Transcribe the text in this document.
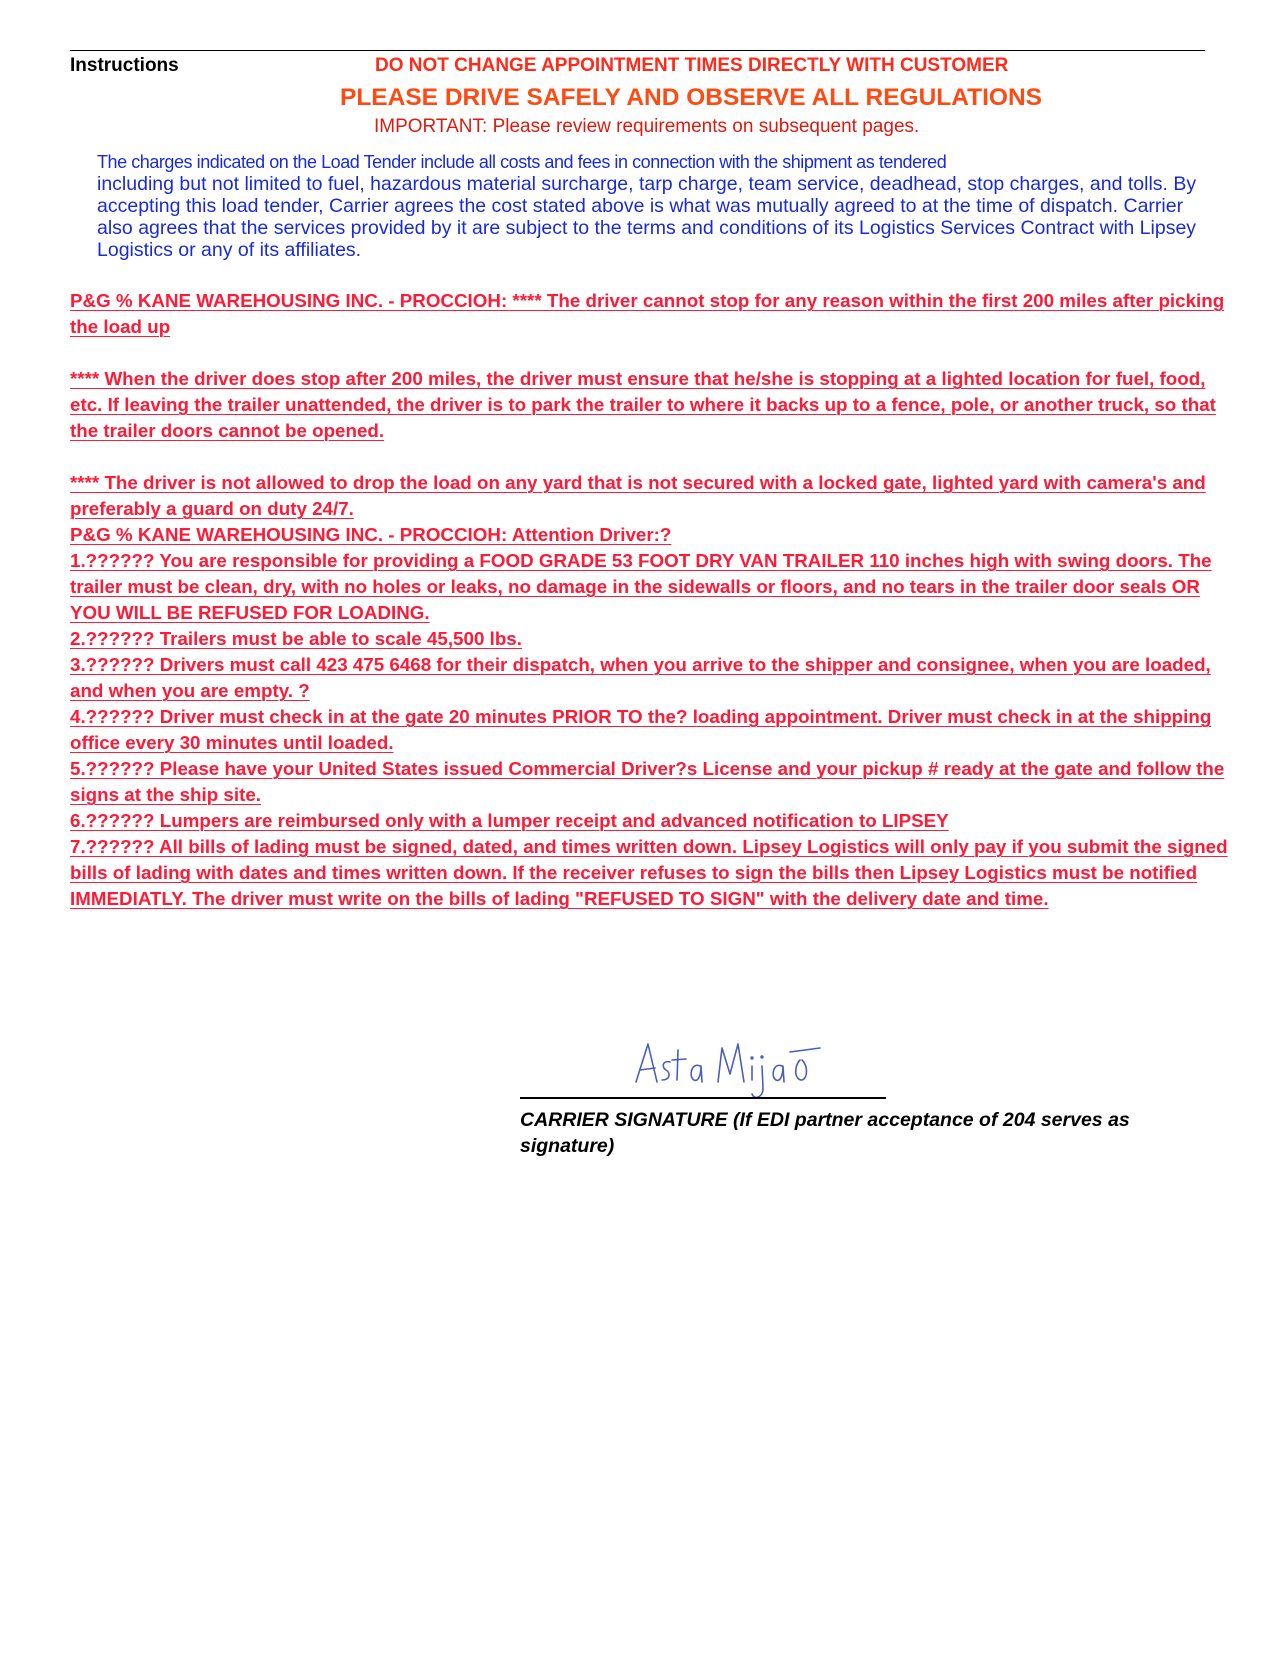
Instructions	DO NOT CHANGE APPOINTMENT TIMES DIRECTLY WITH CUSTOMER
PLEASE DRIVE SAFELY AND OBSERVE ALL REGULATIONS
IMPORTANT: Please review requirements on subsequent pages.
The charges indicated on the Load Tender include all costs and fees in connection with the shipment as tendered
including but not limited to fuel, hazardous material surcharge, tarp charge, team service, deadhead, stop charges, and tolls. By accepting this load tender, Carrier agrees the cost stated above is what was mutually agreed to at the time of dispatch. Carrier also agrees that the services provided by it are subject to the terms and conditions of its Logistics Services Contract with Lipsey Logistics or any of its affiliates.
P&G % KANE WAREHOUSING INC. - PROCCIOH: **** The driver cannot stop for any reason within the first 200 miles after picking the load up
**** When the driver does stop after 200 miles, the driver must ensure that he/she is stopping at a lighted location for fuel, food, etc. If leaving the trailer unattended, the driver is to park the trailer to where it backs up to a fence, pole, or another truck, so that the trailer doors cannot be opened.
**** The driver is not allowed to drop the load on any yard that is not secured with a locked gate, lighted yard with camera's and preferably a guard on duty 24/7.
P&G % KANE WAREHOUSING INC. - PROCCIOH: Attention Driver:?
1.?????? You are responsible for providing a FOOD GRADE 53 FOOT DRY VAN TRAILER 110 inches high with swing doors. The trailer must be clean, dry, with no holes or leaks, no damage in the sidewalls or floors, and no tears in the trailer door seals OR YOU WILL BE REFUSED FOR LOADING.
2.?????? Trailers must be able to scale 45,500 lbs.
3.?????? Drivers must call 423 475 6468 for their dispatch, when you arrive to the shipper and consignee, when you are loaded, and when you are empty. ?
4.?????? Driver must check in at the gate 20 minutes PRIOR TO the? loading appointment. Driver must check in at the shipping office every 30 minutes until loaded.
5.?????? Please have your United States issued Commercial Driver?s License and your pickup # ready at the gate and follow the signs at the ship site.
6.?????? Lumpers are reimbursed only with a lumper receipt and advanced notification to LIPSEY
7.?????? All bills of lading must be signed, dated, and times written down. Lipsey Logistics will only pay if you submit the signed bills of lading with dates and times written down. If the receiver refuses to sign the bills then Lipsey Logistics must be notified IMMEDIATLY. The driver must write on the bills of lading "REFUSED TO SIGN" with the delivery date and time.
CARRIER SIGNATURE (If EDI partner acceptance of 204 serves as signature)
